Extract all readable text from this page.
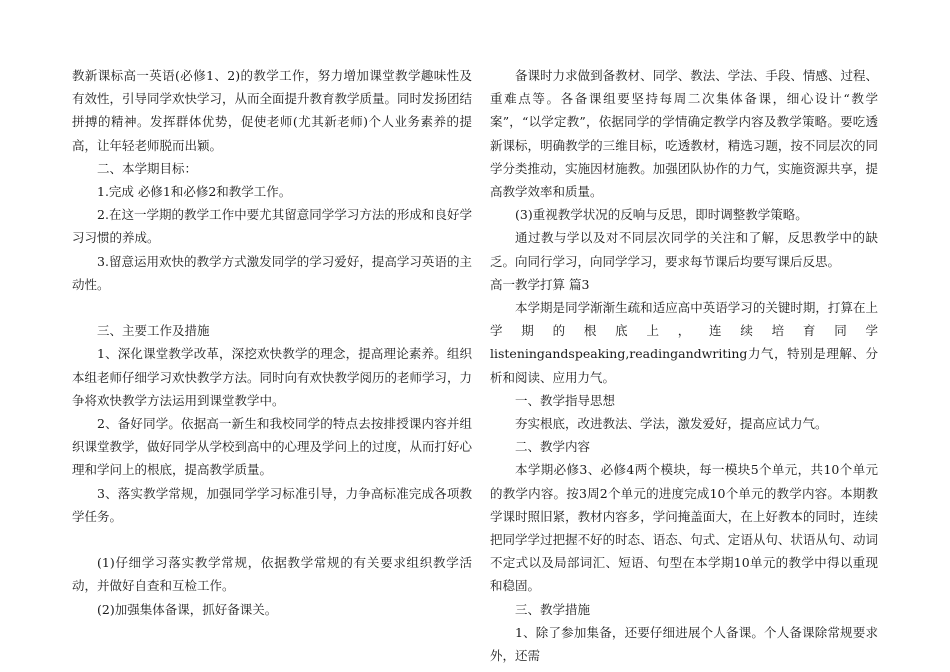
教新课标高一英语(必修1、2)的教学工作，努力增加课堂教学趣味性及有效性，引导同学欢快学习，从而全面提升教育教学质量。同时发扬团结拼搏的精神。发挥群体优势，促使老师(尤其新老师)个人业务素养的提高，让年轻老师脱而出颖。

二、本学期目标：

1.完成 必修1和必修2和教学工作。

2.在这一学期的教学工作中要尤其留意同学学习方法的形成和良好学习习惯的养成。

3.留意运用欢快的教学方式激发同学的学习爱好，提高学习英语的主动性。

三、主要工作及措施

1、深化课堂教学改革，深挖欢快教学的理念，提高理论素养。组织本组老师仔细学习欢快教学方法。同时向有欢快教学阅历的老师学习，力争将欢快教学方法运用到课堂教学中。

2、备好同学。依据高一新生和我校同学的特点去按排授课内容并组织课堂教学，做好同学从学校到高中的心理及学问上的过度，从而打好心理和学问上的根底，提高教学质量。

3、落实教学常规，加强同学学习标准引导，力争高标准完成各项教学任务。

(1)仔细学习落实教学常规，依据教学常规的有关要求组织教学活动，并做好自查和互检工作。

(2)加强集体备课，抓好备课关。

备课时力求做到备教材、同学、教法、学法、手段、情感、过程、重难点等。各备课组要坚持每周二次集体备课，细心设计“教学案”，“以学定教”，依据同学的学情确定教学内容及教学策略。要吃透新课标，明确教学的三维目标，吃透教材，精选习题，按不同层次的同学分类推动，实施因材施教。加强团队协作的力气，实施资源共享，提高教学效率和质量。

(3)重视教学状况的反响与反思，即时调整教学策略。

通过教与学以及对不同层次同学的关注和了解，反思教学中的缺乏。向同行学习，向同学学习，要求每节课后均要写课后反思。

高一教学打算 篇3

本学期是同学渐渐生疏和适应高中英语学习的关键时期，打算在上学期的根底上，连续培育同学listeningandspeaking,readingandwriting力气，特别是理解、分析和阅读、应用力气。

一、教学指导思想

夯实根底，改进教法、学法，激发爱好，提高应试力气。

二、教学内容

本学期必修3、必修4两个模块，每一模块5个单元，共10个单元的教学内容。按3周2个单元的进度完成10个单元的教学内容。本期教学课时照旧紧，教材内容多，学问掩盖面大，在上好教本的同时，连续把同学学过把握不好的时态、语态、句式、定语从句、状语从句、动词不定式以及局部词汇、短语、句型在本学期10单元的教学中得以重现和稳固。

三、教学措施

1、除了参加集备，还要仔细进展个人备课。个人备课除常规要求外，还需
